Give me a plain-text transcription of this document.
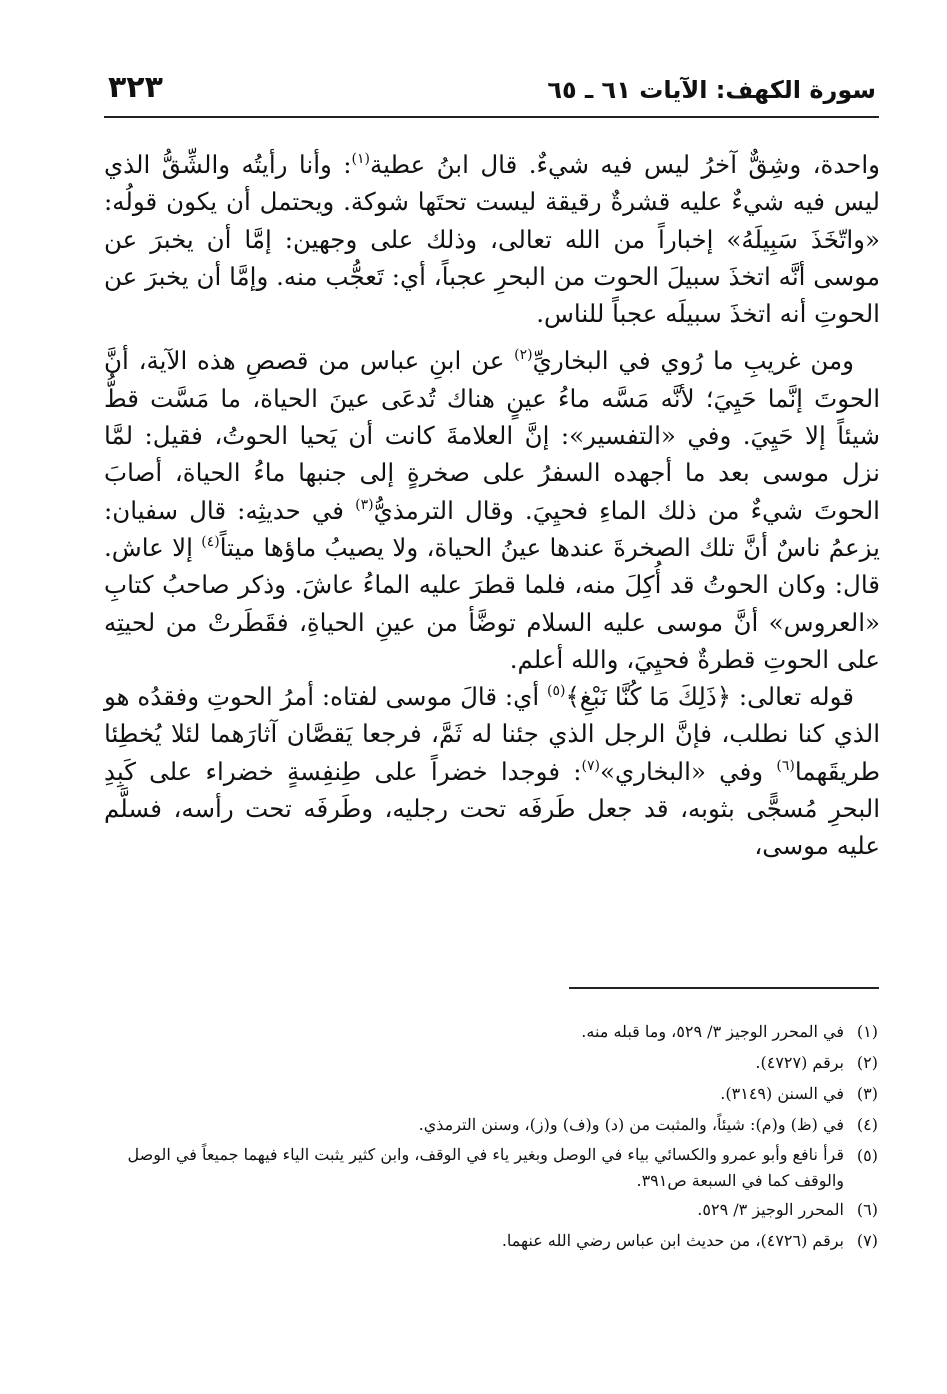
سورة الكهف: الآيات ٦١ ـ ٦٥
٣٢٣

واحدة، وشِقٌّ آخرُ ليس فيه شيءٌ. قال ابنُ عطية$^{(١)}$: وأنا رأيتُه والشِّقُّ الذي ليس فيه شيءٌ عليه قشرةٌ رقيقة ليست تحتَها شوكة. ويحتمل أن يكون قولُه: «واتّخَذَ سَبِيلَهُ» إخباراً من الله تعالى، وذلك على وجهين: إمَّا أن يخبرَ عن موسى أنَّه اتخذَ سبيلَ الحوت من البحرِ عجباً، أي: تَعجُّب منه. وإمَّا أن يخبرَ عن الحوتِ أنه اتخذَ سبيلَه عجباً للناس.

ومن غريبِ ما رُوي في البخاريِّ$^{(٢)}$ عن ابنِ عباس من قصصِ هذه الآية، أنَّ الحوتَ إنَّما حَيِيَ؛ لأنَّه مَسَّه ماءُ عينٍ هناك تُدعَى عينَ الحياة، ما مَسَّت قطُّ شيئاً إلا حَيِيَ. وفي «التفسير»: إنَّ العلامةَ كانت أن يَحيا الحوتُ، فقيل: لمَّا نزل موسى بعد ما أجهده السفرُ على صخرةٍ إلى جنبها ماءُ الحياة، أصابَ الحوتَ شيءٌ من ذلك الماءِ فحيِيَ. وقال الترمذيُّ$^{(٣)}$ في حديثِه: قال سفيان: يزعمُ ناسٌ أنَّ تلك الصخرةَ عندها عينُ الحياة، ولا يصيبُ ماؤها ميتاً$^{(٤)}$ إلا عاش. قال: وكان الحوتُ قد أُكِلَ منه، فلما قطرَ عليه الماءُ عاشَ. وذكر صاحبُ كتابِ «العروس» أنَّ موسى عليه السلام توضَّأ من عينِ الحياةِ، فقَطَرتْ من لحيتِه على الحوتِ قطرةٌ فحيِيَ، والله أعلم.

قوله تعالى: ﴿ذَلِكَ مَا كُنَّا نَبْغِ﴾$^{(٥)}$ أي: قالَ موسى لفتاه: أمرُ الحوتِ وفقدُه هو الذي كنا نطلب، فإنَّ الرجل الذي جئنا له ثَمَّ، فرجعا يَقصَّان آثارَهما لئلا يُخطِئا طريقَهما$^{(٦)}$ وفي «البخاري»$^{(٧)}$: فوجدا خضراً على طِنفِسةٍ خضراء على كَبِدِ البحرِ مُسجًّى بثوبه، قد جعل طَرفَه تحت رجليه، وطَرفَه تحت رأسه، فسلَّم عليه موسى،

(١)
في المحرر الوجيز ٣/ ٥٢٩، وما قبله منه.
(٢)
برقم (٤٧٢٧).
(٣)
في السنن (٣١٤٩).
(٤)
في (ظ) و(م): شيئاً، والمثبت من (د) و(ف) و(ز)، وسنن الترمذي.
(٥)
قرأ نافع وأبو عمرو والكسائي بياء في الوصل وبغير ياء في الوقف، وابن كثير يثبت الياء فيهما جميعاً في الوصل والوقف كما في السبعة ص٣٩١.
(٦)
المحرر الوجيز ٣/ ٥٢٩.
(٧)
برقم (٤٧٢٦)، من حديث ابن عباس رضي الله عنهما.
